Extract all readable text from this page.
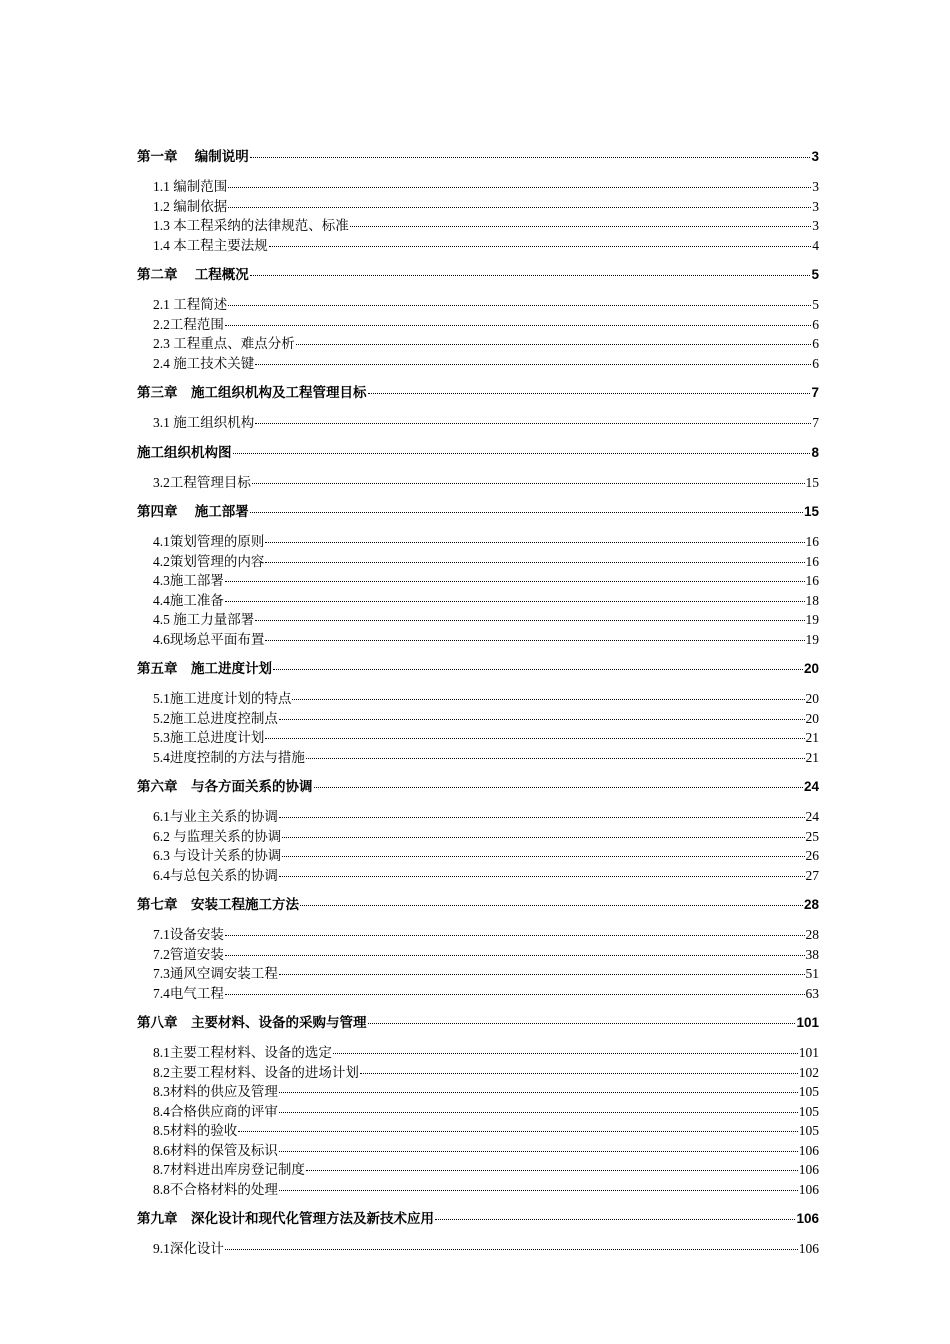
第一章　 编制说明	3
1.1 编制范围	3
1.2 编制依据	3
1.3 本工程采纳的法律规范、标准	3
1.4 本工程主要法规	4
第二章　 工程概况	5
2.1 工程简述	5
2.2工程范围	6
2.3 工程重点、难点分析	6
2.4 施工技术关键	6
第三章　施工组织机构及工程管理目标	7
3.1 施工组织机构	7
施工组织机构图	8
3.2工程管理目标	15
第四章　 施工部署	15
4.1策划管理的原则	16
4.2策划管理的内容	16
4.3施工部署	16
4.4施工准备	18
4.5 施工力量部署	19
4.6现场总平面布置	19
第五章　施工进度计划	20
5.1施工进度计划的特点	20
5.2施工总进度控制点	20
5.3施工总进度计划	21
5.4进度控制的方法与措施	21
第六章　与各方面关系的协调	24
6.1与业主关系的协调	24
6.2 与监理关系的协调	25
6.3 与设计关系的协调	26
6.4与总包关系的协调	27
第七章　安装工程施工方法	28
7.1设备安装	28
7.2管道安装	38
7.3通风空调安装工程	51
7.4电气工程	63
第八章　主要材料、设备的采购与管理	101
8.1主要工程材料、设备的选定	101
8.2主要工程材料、设备的进场计划	102
8.3材料的供应及管理	105
8.4合格供应商的评审	105
8.5材料的验收	105
8.6材料的保管及标识	106
8.7材料进出库房登记制度	106
8.8不合格材料的处理	106
第九章　深化设计和现代化管理方法及新技术应用	106
9.1深化设计	106
